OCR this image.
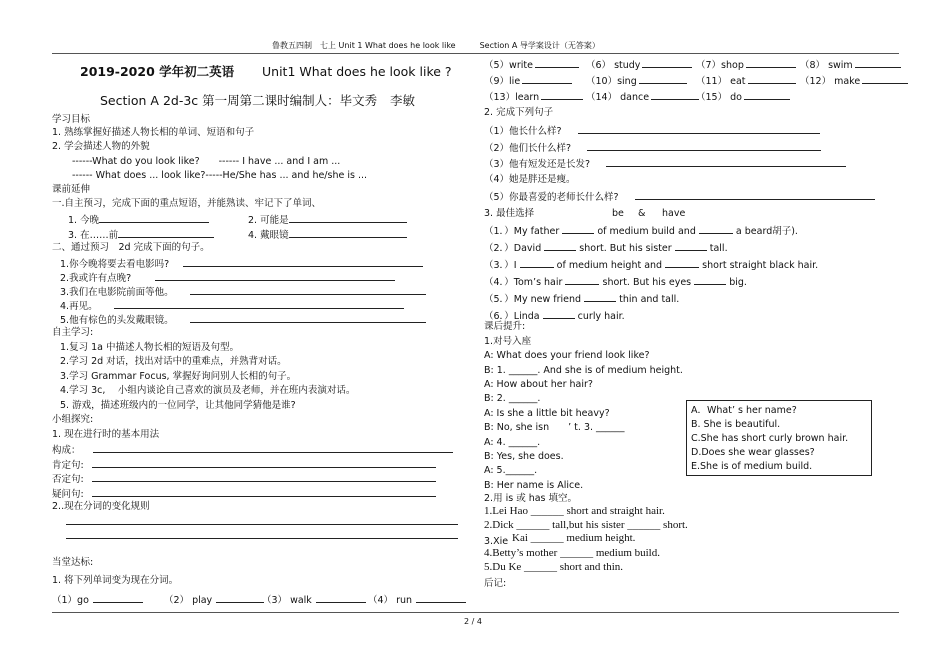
鲁教五四制　七上 Unit 1 What does he look like　　　Section A 导学案设计（无答案）
2019-2020 学年初二英语 Unit1 What does he look like ?
Section A 2d-3c 第一周第二课时编制人：毕文秀 李敏
学习目标
1. 熟练掌握好描述人物长相的单词、短语和句子
2. 学会描述人物的外貌
------What do you look like?　　------ I have ... and I am ...
------ What does ... look like?-----He/She has ... and he/she is ...
课前延伸
一.自主预习，完成下面的重点短语，并能熟读、牢记下了单词、
1. 今晚	2. 可能是
3. 在……前	4. 戴眼镜
二、通过预习　2d 完成下面的句子。
1.你今晚将要去看电影吗?
2.我或许有点晚?
3.我们在电影院前面等他。
4.再见。
5.他有棕色的头发戴眼镜。
自主学习:
1.复习 1a 中描述人物长相的短语及句型。
2.学习 2d 对话，找出对话中的重难点，并熟背对话。
3.学习 Grammar Focus, 掌握好询问别人长相的句子。
4.学习 3c,　 小组内谈论自己喜欢的演员及老师，并在班内表演对话。
5. 游戏，描述班级内的一位同学，让其他同学猜他是谁?
小组探究:
1. 现在进行时的基本用法
构成：
肯定句:
否定句:
疑问句:
2..现在分词的变化规则
当堂达标:
1. 将下列单词变为现在分词。
（1）go	（2） play	（3） walk	（4） run
（5）write	（6） study	（7）shop	（8） swim
（9）lie	（10）sing	（11） eat	（12） make
（13）learn	（14） dance	（15） do
2. 完成下列句子
（1）他长什么样?
（2）他们长什么样?
（3）他有短发还是长发?
（4）她是胖还是瘦。
（5）你最喜爱的老师长什么样?
3. 最佳选择	be & have
（1．）My father	of medium build and	a beard胡子).
（2．）David	short. But his sister	tall.
（3．）I	of medium height and	short straight black hair.
（4．）Tom’s hair	short. But his eyes	big.
（5．）My new friend	thin and tall.
（6．）Linda	curly hair.
课后提升:
1.对号入座
A: What does your friend look like?
B: 1. ______. And she is of medium height.
A: How about her hair?
B: 2. ______.
A: Is she a little bit heavy?
B: No, she isn　　’ t. 3. ______
A: 4. ______.
B: Yes, she does.
A: 5.______.
B: Her name is Alice.
A．What’ s her name?
B. She is beautiful.
C.She has short curly brown hair.
D.Does she wear glasses?
E.She is of medium build.
2.用 is 或 has 填空。
1.Lei Hao ______ short and straight hair.
2.Dick ______ tall,but his sister ______ short.
3.Xie Kai ______ medium height.
4.Betty’s mother ______ medium build.
5.Du Ke ______ short and thin.
后记:
2 / 4
